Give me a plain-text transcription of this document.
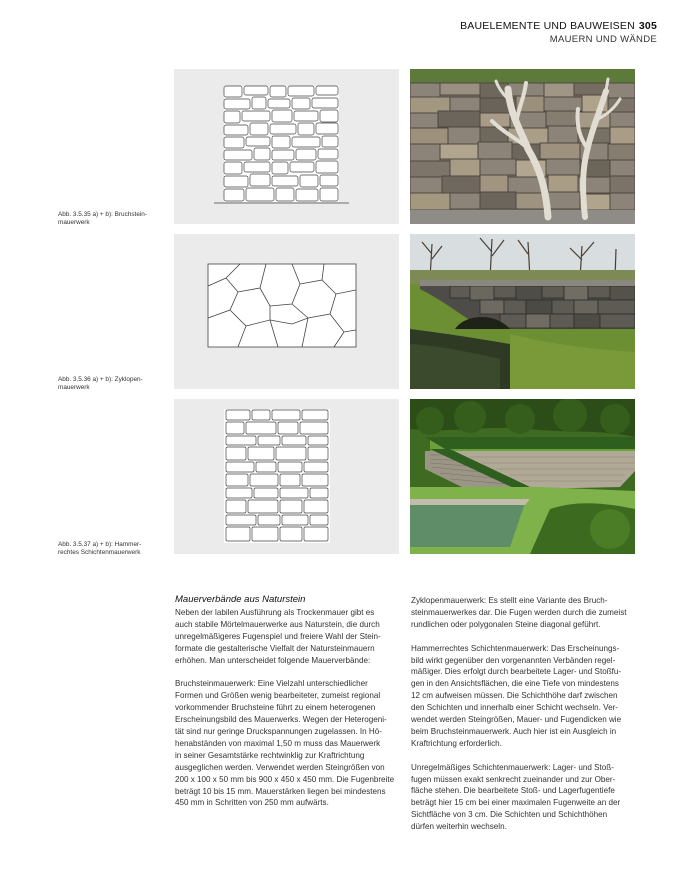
BAUELEMENTE UND BAUWEISEN 305
MAUERN UND WÄNDE
Abb. 3.5.35 a) + b): Bruchstein-
mauerwerk
Abb. 3.5.36 a) + b): Zyklopen-
mauerwerk
Abb. 3.5.37 a) + b): Hammer-
rechtes Schichtenmauerwerk
Mauerverbände aus Naturstein

Neben der labilen Ausführung als Trockenmauer gibt es
auch stabile Mörtelmauerwerke aus Naturstein, die durch
unregelmäßigeres Fugenspiel und freiere Wahl der Stein-
formate die gestalterische Vielfalt der Natursteinmauern
erhöhen. Man unterscheidet folgende Mauerverbände:

Bruchsteinmauerwerk: Eine Vielzahl unterschiedlicher
Formen und Größen wenig bearbeiteter, zumeist regional
vorkommender Bruchsteine führt zu einem heterogenen
Erscheinungsbild des Mauerwerks. Wegen der Heterogeni-
tät sind nur geringe Druckspannungen zugelassen. In Hö-
henabständen von maximal 1,50 m muss das Mauerwerk
in seiner Gesamtstärke rechtwinklig zur Kraftrichtung
ausgeglichen werden. Verwendet werden Steingrößen von
200 x 100 x 50 mm bis 900 x 450 x 450 mm. Die Fugenbreite
beträgt 10 bis 15 mm. Mauerstärken liegen bei mindestens
450 mm in Schritten von 250 mm aufwärts.

Zyklopenmauerwerk: Es stellt eine Variante des Bruch-
steinmauerwerkes dar. Die Fugen werden durch die zumeist
rundlichen oder polygonalen Steine diagonal geführt.

Hammerrechtes Schichtenmauerwerk: Das Erscheinungs-
bild wirkt gegenüber den vorgenannten Verbänden regel-
mäßiger. Dies erfolgt durch bearbeitete Lager- und Stoßfu-
gen in den Ansichtsflächen, die eine Tiefe von mindestens
12 cm aufweisen müssen. Die Schichthöhe darf zwischen
den Schichten und innerhalb einer Schicht wechseln. Ver-
wendet werden Steingrößen, Mauer- und Fugendicken wie
beim Bruchsteinmauerwerk. Auch hier ist ein Ausgleich in
Kraftrichtung erforderlich.

Unregelmäßiges Schichtenmauerwerk: Lager- und Stoß-
fugen müssen exakt senkrecht zueinander und zur Ober-
fläche stehen. Die bearbeitete Stoß- und Lagerfugentiefe
beträgt hier 15 cm bei einer maximalen Fugenweite an der
Sichtfläche von 3 cm. Die Schichten und Schichthöhen
dürfen weiterhin wechseln.
